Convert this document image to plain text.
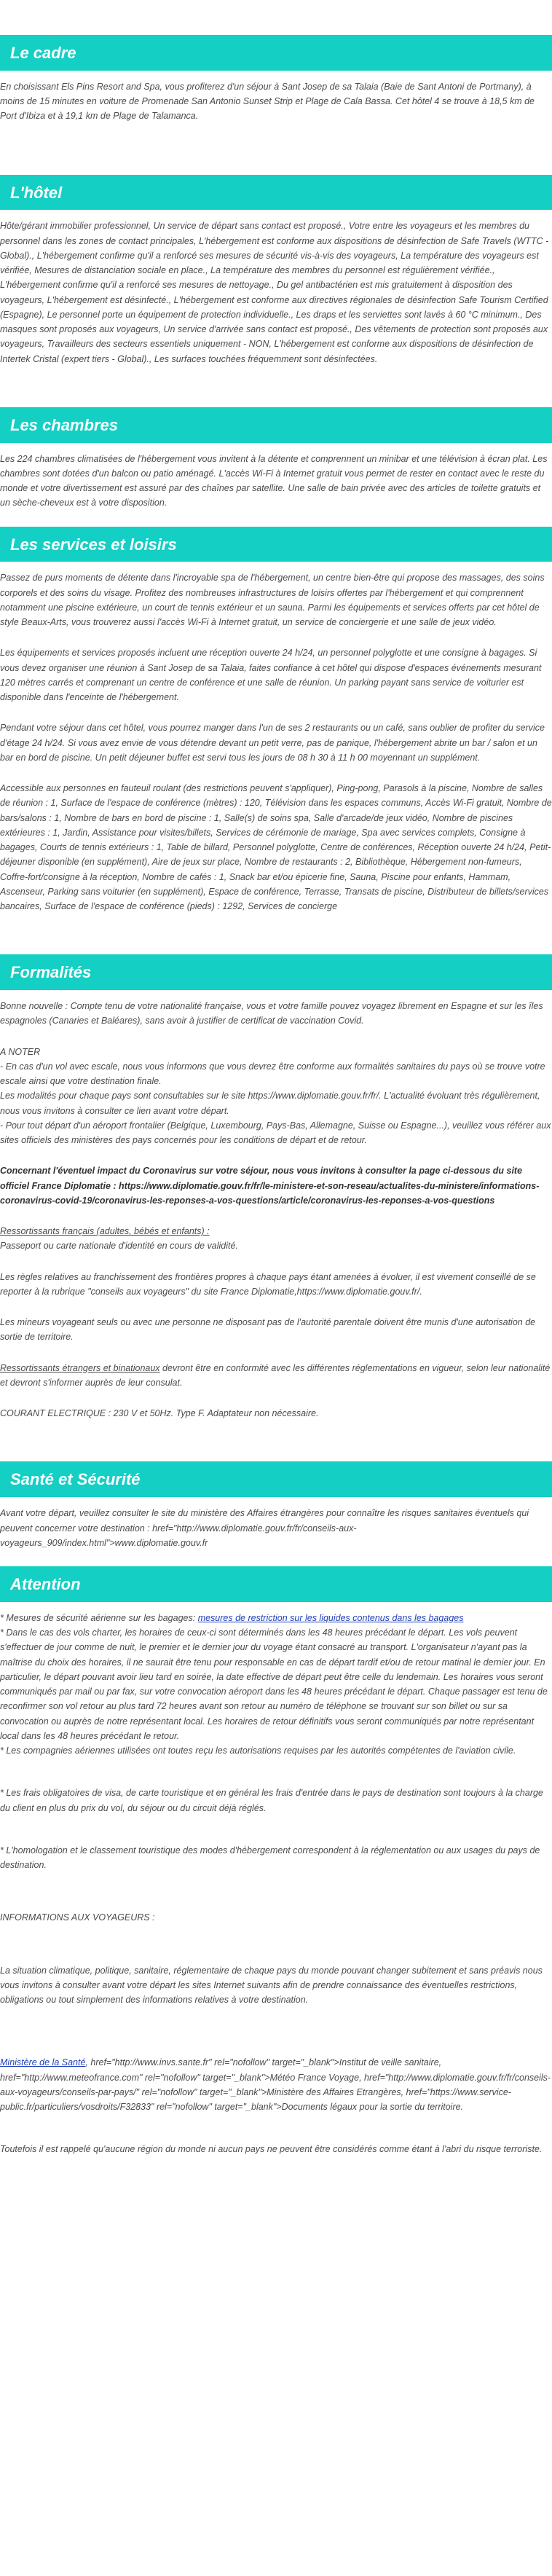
Le cadre

En choisissant Els Pins Resort and Spa, vous profiterez d'un séjour à Sant Josep de sa Talaia (Baie de Sant Antoni de Portmany), à moins de 15 minutes en voiture de Promenade San Antonio Sunset Strip et Plage de Cala Bassa. Cet hôtel 4 se trouve à 18,5 km de Port d'Ibiza et à 19,1 km de Plage de Talamanca.

L'hôtel

Hôte/gérant immobilier professionnel, Un service de départ sans contact est proposé., Votre entre les voyageurs et les membres du personnel dans les zones de contact principales, L'hébergement est conforme aux dispositions de désinfection de Safe Travels (WTTC - Global)., L'hébergement confirme qu'il a renforcé ses mesures de sécurité vis-à-vis des voyageurs, La température des voyageurs est vérifiée, Mesures de distanciation sociale en place., La température des membres du personnel est régulièrement vérifiée., L'hébergement confirme qu'il a renforcé ses mesures de nettoyage., Du gel antibactérien est mis gratuitement à disposition des voyageurs, L'hébergement est désinfecté., L'hébergement est conforme aux directives régionales de désinfection Safe Tourism Certified (Espagne), Le personnel porte un équipement de protection individuelle., Les draps et les serviettes sont lavés à 60 °C minimum., Des masques sont proposés aux voyageurs, Un service d'arrivée sans contact est proposé., Des vêtements de protection sont proposés aux voyageurs, Travailleurs des secteurs essentiels uniquement - NON, L'hébergement est conforme aux dispositions de désinfection de Intertek Cristal (expert tiers - Global)., Les surfaces touchées fréquemment sont désinfectées.

Les chambres

Les 224 chambres climatisées de l'hébergement vous invitent à la détente et comprennent un minibar et une télévision à écran plat. Les chambres sont dotées d'un balcon ou patio aménagé. L'accès Wi-Fi à Internet gratuit vous permet de rester en contact avec le reste du monde et votre divertissement est assuré par des chaînes par satellite. Une salle de bain privée avec des articles de toilette gratuits et un sèche-cheveux est à votre disposition.

Les services et loisirs

Passez de purs moments de détente dans l'incroyable spa de l'hébergement, un centre bien-être qui propose des massages, des soins corporels et des soins du visage. Profitez des nombreuses infrastructures de loisirs offertes par l'hébergement et qui comprennent notamment une piscine extérieure, un court de tennis extérieur et un sauna. Parmi les équipements et services offerts par cet hôtel de style Beaux-Arts, vous trouverez aussi l'accès Wi-Fi à Internet gratuit, un service de conciergerie et une salle de jeux vidéo.

Les équipements et services proposés incluent une réception ouverte 24 h/24, un personnel polyglotte et une consigne à bagages. Si vous devez organiser une réunion à Sant Josep de sa Talaia, faites confiance à cet hôtel qui dispose d'espaces événements mesurant 120 mètres carrés et comprenant un centre de conférence et une salle de réunion. Un parking payant sans service de voiturier est disponible dans l'enceinte de l'hébergement.

Pendant votre séjour dans cet hôtel, vous pourrez manger dans l'un de ses 2 restaurants ou un café, sans oublier de profiter du service d'étage 24 h/24. Si vous avez envie de vous détendre devant un petit verre, pas de panique, l'hébergement abrite un bar / salon et un bar en bord de piscine. Un petit déjeuner buffet est servi tous les jours de 08 h 30 à 11 h 00 moyennant un supplément.

Accessible aux personnes en fauteuil roulant (des restrictions peuvent s'appliquer), Ping-pong, Parasols à la piscine, Nombre de salles de réunion : 1, Surface de l'espace de conférence (mètres) : 120, Télévision dans les espaces communs, Accès Wi-Fi gratuit, Nombre de bars/salons : 1, Nombre de bars en bord de piscine : 1, Salle(s) de soins spa, Salle d'arcade/de jeux vidéo, Nombre de piscines extérieures : 1, Jardin, Assistance pour visites/billets, Services de cérémonie de mariage, Spa avec services complets, Consigne à bagages, Courts de tennis extérieurs : 1, Table de billard, Personnel polyglotte, Centre de conférences, Réception ouverte 24 h/24, Petit-déjeuner disponible (en supplément), Aire de jeux sur place, Nombre de restaurants : 2, Bibliothèque, Hébergement non-fumeurs, Coffre-fort/consigne à la réception, Nombre de cafés : 1, Snack bar et/ou épicerie fine, Sauna, Piscine pour enfants, Hammam, Ascenseur, Parking sans voiturier (en supplément), Espace de conférence, Terrasse, Transats de piscine, Distributeur de billets/services bancaires, Surface de l'espace de conférence (pieds) : 1292, Services de concierge

Formalités

Bonne nouvelle : Compte tenu de votre nationalité française, vous et votre famille pouvez voyagez librement en Espagne et sur les îles espagnoles (Canaries et Baléares), sans avoir à justifier de certificat de vaccination Covid.

A NOTER

- En cas d'un vol avec escale, nous vous informons que vous devrez être conforme aux formalités sanitaires du pays où se trouve votre escale ainsi que votre destination finale.

Les modalités pour chaque pays sont consultables sur le site https://www.diplomatie.gouv.fr/fr/. L'actualité évoluant très régulièrement, nous vous invitons à consulter ce lien avant votre départ.

- Pour tout départ d'un aéroport frontalier (Belgique, Luxembourg, Pays-Bas, Allemagne, Suisse ou Espagne...), veuillez vous référer aux sites officiels des ministères des pays concernés pour les conditions de départ et de retour.

Concernant l'éventuel impact du Coronavirus sur votre séjour, nous vous invitons à consulter la page ci-dessous du site officiel France Diplomatie : https://www.diplomatie.gouv.fr/fr/le-ministere-et-son-reseau/actualites-du-ministere/informations-coronavirus-covid-19/coronavirus-les-reponses-a-vos-questions/article/coronavirus-les-reponses-a-vos-questions

Ressortissants français (adultes, bébés et enfants) :

Passeport ou carte nationale d'identité en cours de validité.

Les règles relatives au franchissement des frontières propres à chaque pays étant amenées à évoluer, il est vivement conseillé de se reporter à la rubrique "conseils aux voyageurs" du site France Diplomatie,https://www.diplomatie.gouv.fr/.

Les mineurs voyageant seuls ou avec une personne ne disposant pas de l'autorité parentale doivent être munis d'une autorisation de sortie de territoire.

Ressortissants étrangers et binationaux devront être en conformité avec les différentes réglementations en vigueur, selon leur nationalité et devront s'informer auprès de leur consulat.

COURANT ELECTRIQUE : 230 V et 50Hz. Type F. Adaptateur non nécessaire.

Santé et Sécurité

Avant votre départ, veuillez consulter le site du ministère des Affaires étrangères pour connaître les risques sanitaires éventuels qui peuvent concerner votre destination : href="http://www.diplomatie.gouv.fr/fr/conseils-aux-voyageurs_909/index.html">www.diplomatie.gouv.fr

Attention

* Mesures de sécurité aérienne sur les bagages: mesures de restriction sur les liquides contenus dans les bagages

* Dans le cas des vols charter, les horaires de ceux-ci sont déterminés dans les 48 heures précédant le départ. Les vols peuvent s'effectuer de jour comme de nuit, le premier et le dernier jour du voyage étant consacré au transport. L'organisateur n'ayant pas la maîtrise du choix des horaires, il ne saurait être tenu pour responsable en cas de départ tardif et/ou de retour matinal le dernier jour. En particulier, le départ pouvant avoir lieu tard en soirée, la date effective de départ peut être celle du lendemain. Les horaires vous seront communiqués par mail ou par fax, sur votre convocation aéroport dans les 48 heures précédant le départ. Chaque passager est tenu de reconfirmer son vol retour au plus tard 72 heures avant son retour au numéro de téléphone se trouvant sur son billet ou sur sa convocation ou auprès de notre représentant local. Les horaires de retour définitifs vous seront communiqués par notre représentant local dans les 48 heures précédant le retour.

* Les compagnies aériennes utilisées ont toutes reçu les autorisations requises par les autorités compétentes de l'aviation civile.

* Les frais obligatoires de visa, de carte touristique et en général les frais d'entrée dans le pays de destination sont toujours à la charge du client en plus du prix du vol, du séjour ou du circuit déjà réglés.

* L'homologation et le classement touristique des modes d'hébergement correspondent à la réglementation ou aux usages du pays de destination.

INFORMATIONS AUX VOYAGEURS :

La situation climatique, politique, sanitaire, réglementaire de chaque pays du monde pouvant changer subitement et sans préavis nous vous invitons à consulter avant votre départ les sites Internet suivants afin de prendre connaissance des éventuelles restrictions, obligations ou tout simplement des informations relatives à votre destination.

Ministère de la Santé, href="http://www.invs.sante.fr" rel="nofollow" target="_blank">Institut de veille sanitaire, href="http://www.meteofrance.com" rel="nofollow" target="_blank">Météo France Voyage, href="http://www.diplomatie.gouv.fr/fr/conseils-aux-voyageurs/conseils-par-pays/" rel="nofollow" target="_blank">Ministère des Affaires Etrangères, href="https://www.service-public.fr/particuliers/vosdroits/F32833" rel="nofollow" target="_blank">Documents légaux pour la sortie du territoire.

Toutefois il est rappelé qu'aucune région du monde ni aucun pays ne peuvent être considérés comme étant à l'abri du risque terroriste.
